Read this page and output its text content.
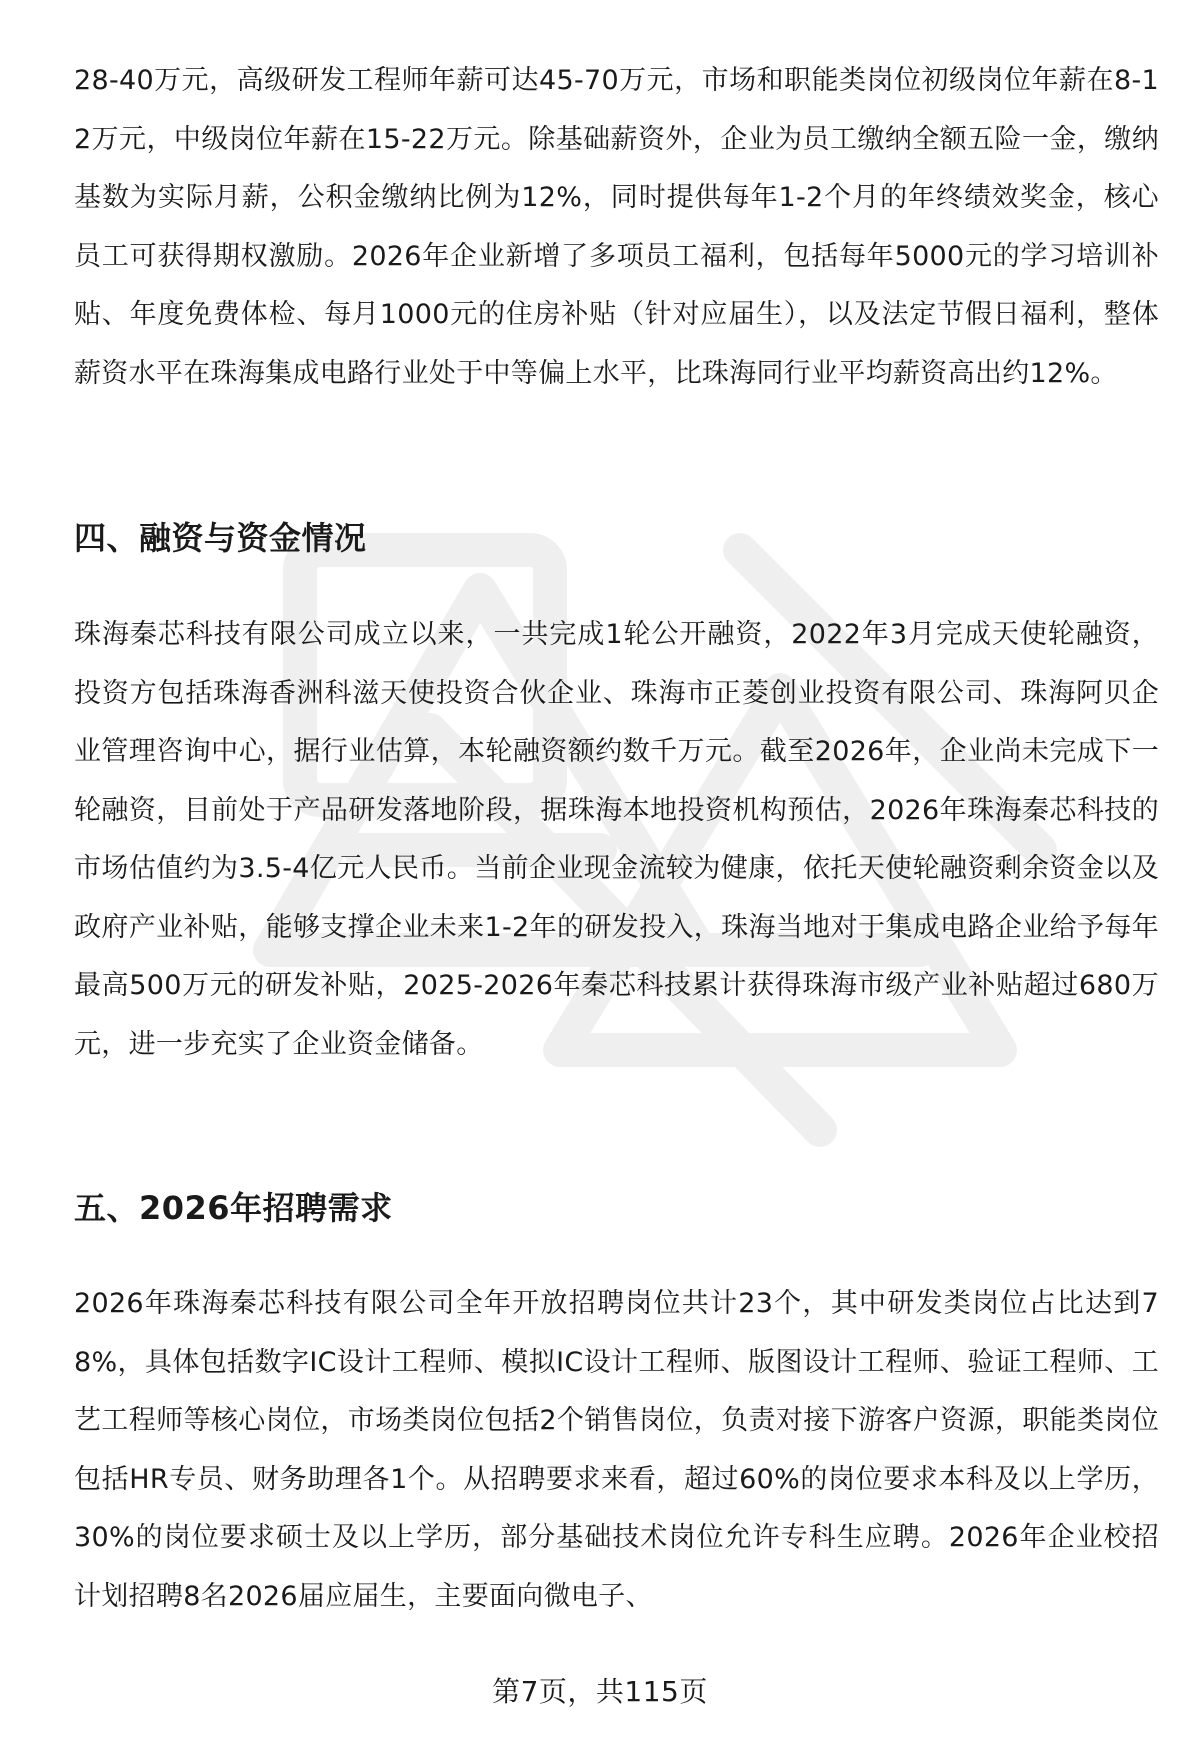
28-40万元，高级研发工程师年薪可达45-70万元，市场和职能类岗位初级岗位年薪在8-12万元，中级岗位年薪在15-22万元。除基础薪资外，企业为员工缴纳全额五险一金，缴纳基数为实际月薪，公积金缴纳比例为12%，同时提供每年1-2个月的年终绩效奖金，核心员工可获得期权激励。2026年企业新增了多项员工福利，包括每年5000元的学习培训补贴、年度免费体检、每月1000元的住房补贴（针对应届生），以及法定节假日福利，整体薪资水平在珠海集成电路行业处于中等偏上水平，比珠海同行业平均薪资高出约12%。

四、融资与资金情况

珠海秦芯科技有限公司成立以来，一共完成1轮公开融资，2022年3月完成天使轮融资，投资方包括珠海香洲科滋天使投资合伙企业、珠海市正菱创业投资有限公司、珠海阿贝企业管理咨询中心，据行业估算，本轮融资额约数千万元。截至2026年，企业尚未完成下一轮融资，目前处于产品研发落地阶段，据珠海本地投资机构预估，2026年珠海秦芯科技的市场估值约为3.5-4亿元人民币。当前企业现金流较为健康，依托天使轮融资剩余资金以及政府产业补贴，能够支撑企业未来1-2年的研发投入，珠海当地对于集成电路企业给予每年最高500万元的研发补贴，2025-2026年秦芯科技累计获得珠海市级产业补贴超过680万元，进一步充实了企业资金储备。

五、2026年招聘需求

2026年珠海秦芯科技有限公司全年开放招聘岗位共计23个，其中研发类岗位占比达到78%，具体包括数字IC设计工程师、模拟IC设计工程师、版图设计工程师、验证工程师、工艺工程师等核心岗位，市场类岗位包括2个销售岗位，负责对接下游客户资源，职能类岗位包括HR专员、财务助理各1个。从招聘要求来看，超过60%的岗位要求本科及以上学历，30%的岗位要求硕士及以上学历，部分基础技术岗位允许专科生应聘。2026年企业校招计划招聘8名2026届应届生，主要面向微电子、

第7页，共115页
